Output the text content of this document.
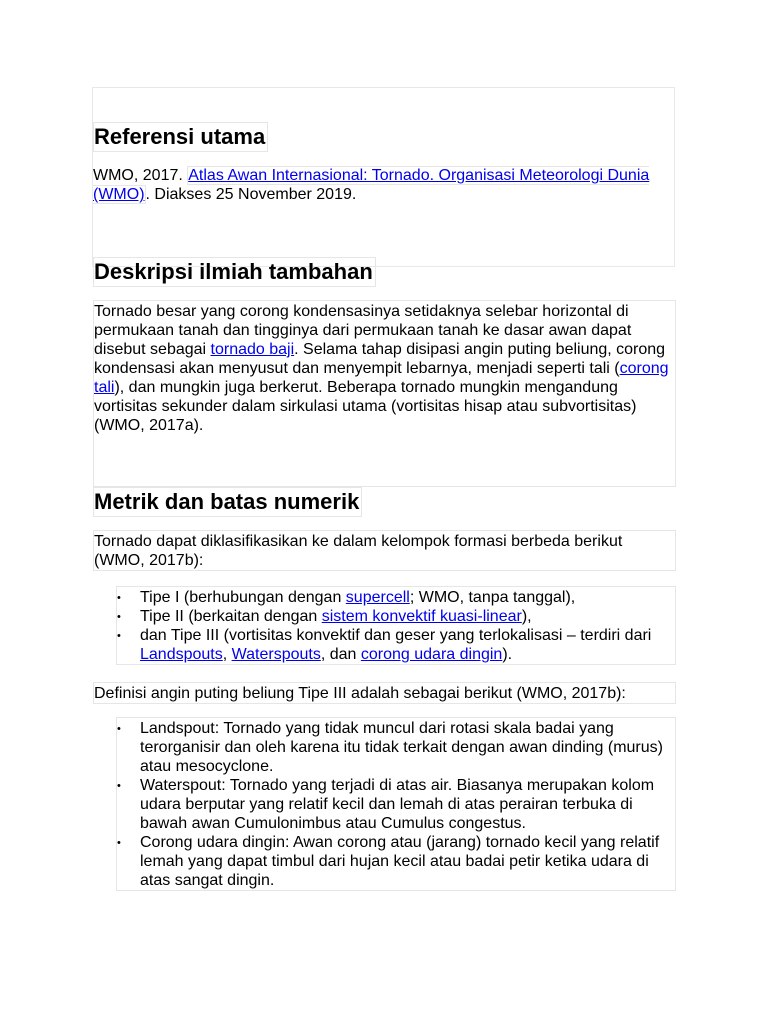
Referensi utama

WMO, 2017. Atlas Awan Internasional: Tornado. Organisasi Meteorologi Dunia (WMO). Diakses 25 November 2019.

Deskripsi ilmiah tambahan

Tornado besar yang corong kondensasinya setidaknya selebar horizontal di permukaan tanah dan tingginya dari permukaan tanah ke dasar awan dapat disebut sebagai tornado baji. Selama tahap disipasi angin puting beliung, corong kondensasi akan menyusut dan menyempit lebarnya, menjadi seperti tali (corong tali), dan mungkin juga berkerut. Beberapa tornado mungkin mengandung vortisitas sekunder dalam sirkulasi utama (vortisitas hisap atau subvortisitas) (WMO, 2017a).

Metrik dan batas numerik

Tornado dapat diklasifikasikan ke dalam kelompok formasi berbeda berikut (WMO, 2017b):

• Tipe I (berhubungan dengan supercell; WMO, tanpa tanggal),
• Tipe II (berkaitan dengan sistem konvektif kuasi-linear),
• dan Tipe III (vortisitas konvektif dan geser yang terlokalisasi – terdiri dari Landspouts, Waterspouts, dan corong udara dingin).

Definisi angin puting beliung Tipe III adalah sebagai berikut (WMO, 2017b):

• Landspout: Tornado yang tidak muncul dari rotasi skala badai yang terorganisir dan oleh karena itu tidak terkait dengan awan dinding (murus) atau mesocyclone.
• Waterspout: Tornado yang terjadi di atas air. Biasanya merupakan kolom udara berputar yang relatif kecil dan lemah di atas perairan terbuka di bawah awan Cumulonimbus atau Cumulus congestus.
• Corong udara dingin: Awan corong atau (jarang) tornado kecil yang relatif lemah yang dapat timbul dari hujan kecil atau badai petir ketika udara di atas sangat dingin.
